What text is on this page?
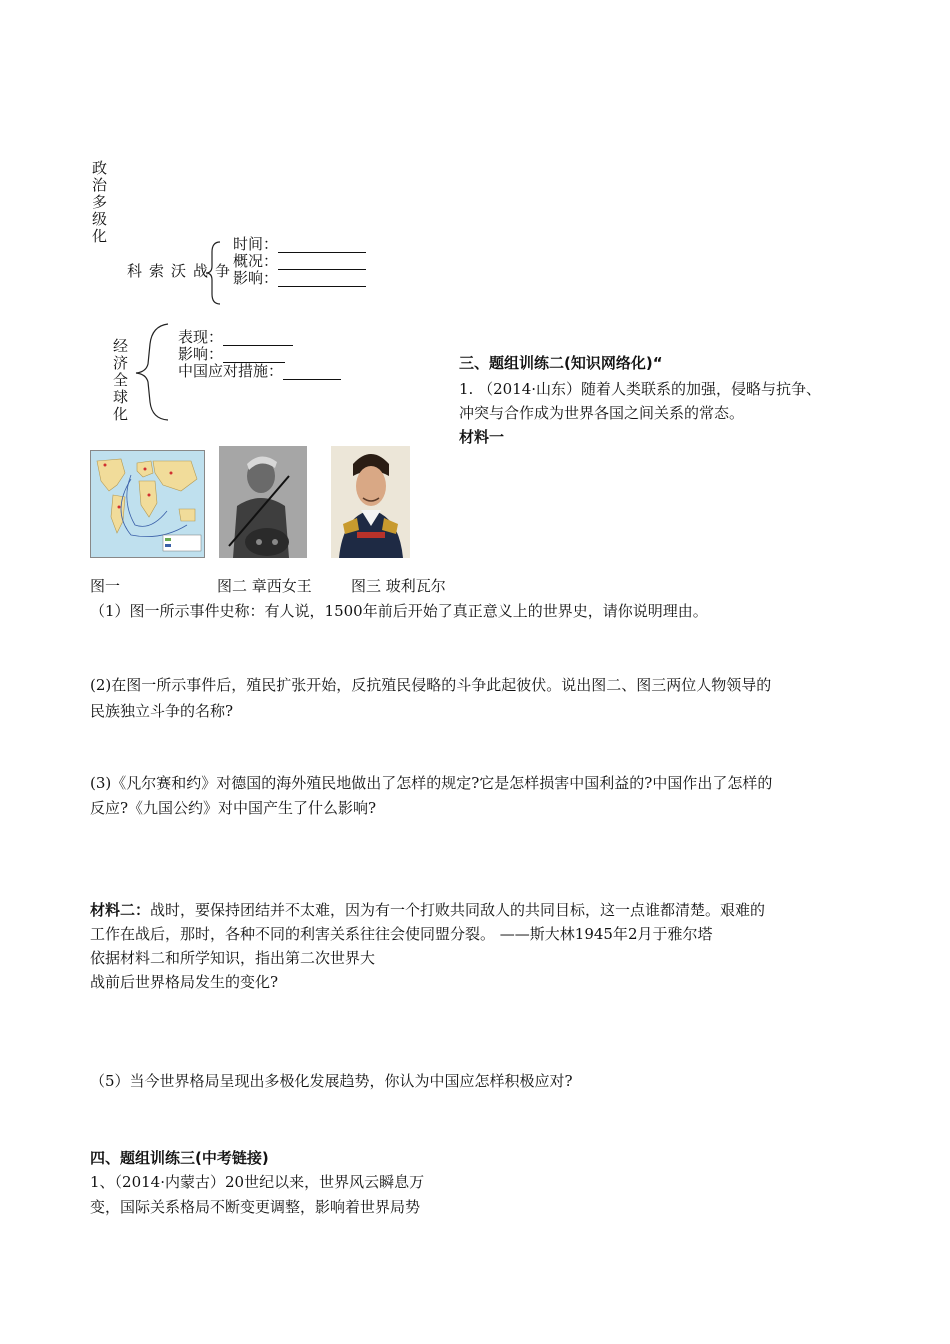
政治多级化
科索沃战争
时间：
概况：
影响：
经济全球化
表现：
影响：
中国应对措施：	三、题组训练二(知识网络化)“
1. （2014·山东）随着人类联系的加强，侵略与抗争、
冲突与合作成为世界各国之间关系的常态。
材料一
图一	图二 章西女王	图三 玻利瓦尔
（1）图一所示事件史称：有人说，1500年前后开始了真正意义上的世界史，请你说明理由。
(2)在图一所示事件后，殖民扩张开始，反抗殖民侵略的斗争此起彼伏。说出图二、图三两位人物领导的
民族独立斗争的名称?
(3)《凡尔赛和约》对德国的海外殖民地做出了怎样的规定?它是怎样损害中国利益的?中国作出了怎样的
反应?《九国公约》对中国产生了什么影响?
材料二：战时，要保持团结并不太难，因为有一个打败共同敌人的共同目标，这一点谁都清楚。艰难的
工作在战后，那时，各种不同的利害关系往往会使同盟分裂。 ——斯大林1945年2月于雅尔塔
依据材料二和所学知识，指出第二次世界大
战前后世界格局发生的变化?
（5）当今世界格局呈现出多极化发展趋势，你认为中国应怎样积极应对?
四、题组训练三(中考链接)
1、（2014·内蒙古）20世纪以来，世界风云瞬息万
变，国际关系格局不断变更调整，影响着世界局势
